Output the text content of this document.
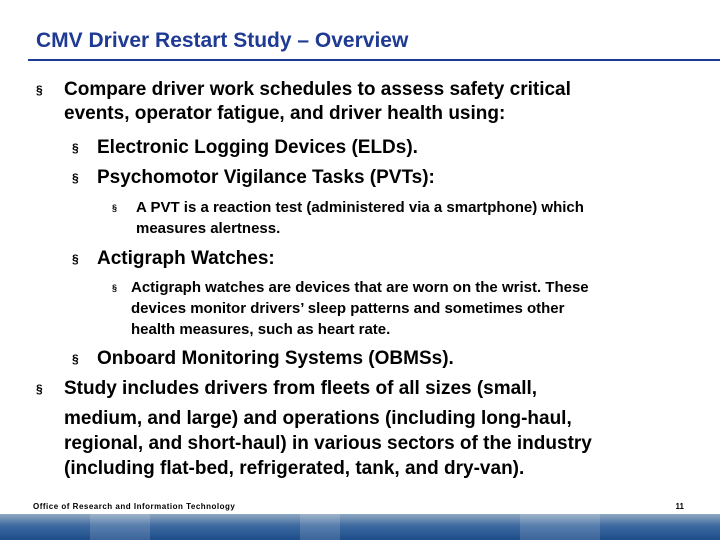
CMV Driver Restart Study – Overview
§ Compare driver work schedules to assess safety critical
events, operator fatigue, and driver health using:
§ Electronic Logging Devices (ELDs).
§ Psychomotor Vigilance Tasks (PVTs):
§ A PVT is a reaction test (administered via a smartphone) which
measures alertness.
§ Actigraph Watches:
§ Actigraph watches are devices that are worn on the wrist. These
devices monitor drivers’ sleep patterns and sometimes other
health measures, such as heart rate.
§ Onboard Monitoring Systems (OBMSs).
§ Study includes drivers from fleets of all sizes (small,
medium, and large) and operations (including long-haul,
regional, and short-haul) in various sectors of the industry
(including flat-bed, refrigerated, tank, and dry-van).
Office of Research and Information Technology	11
